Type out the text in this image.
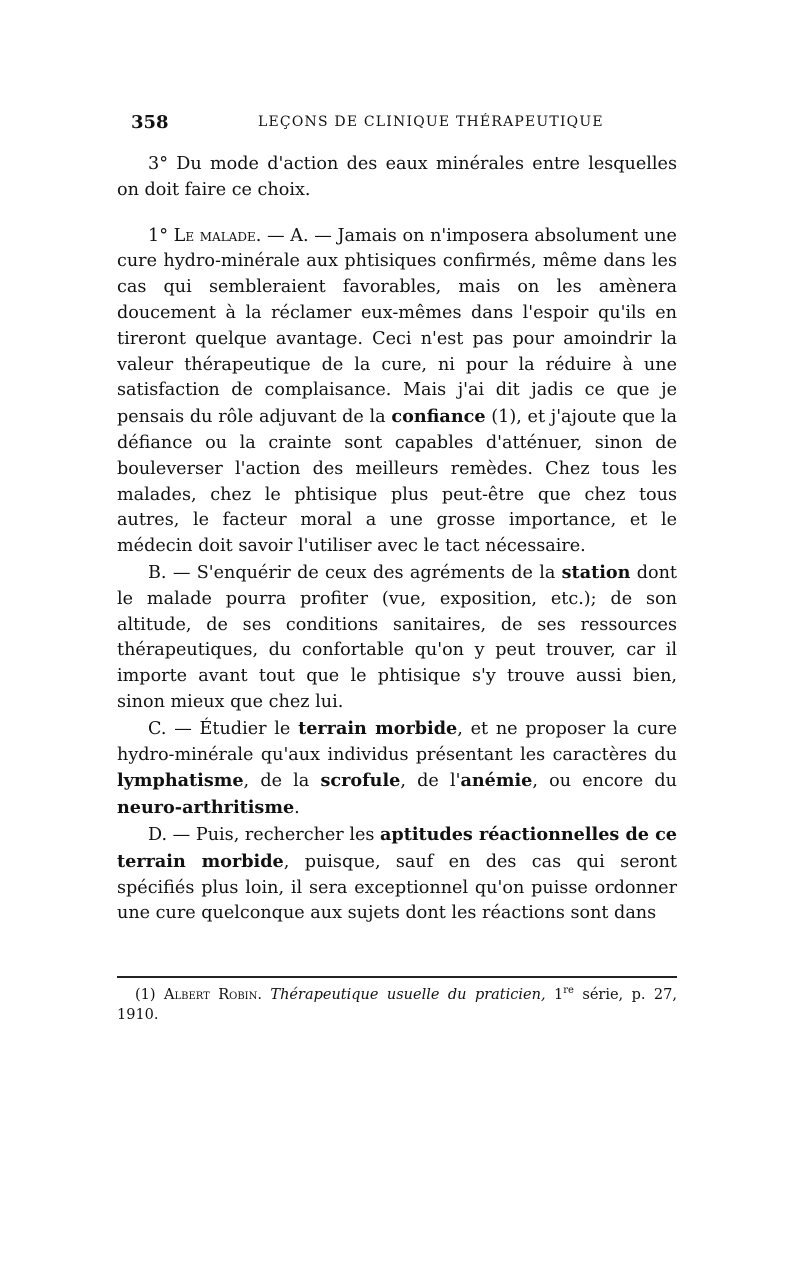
358	LEÇONS DE CLINIQUE THÉRAPEUTIQUE

3° Du mode d'action des eaux minérales entre lesquelles on doit faire ce choix.

1° Le malade. — A. — Jamais on n'imposera absolument une cure hydro-minérale aux phtisiques confirmés, même dans les cas qui sembleraient favorables, mais on les amènera doucement à la réclamer eux-mêmes dans l'espoir qu'ils en tireront quelque avantage. Ceci n'est pas pour amoindrir la valeur thérapeutique de la cure, ni pour la réduire à une satisfaction de complaisance. Mais j'ai dit jadis ce que je pensais du rôle adjuvant de la confiance (1), et j'ajoute que la défiance ou la crainte sont capables d'atténuer, sinon de bouleverser l'action des meilleurs remèdes. Chez tous les malades, chez le phtisique plus peut-être que chez tous autres, le facteur moral a une grosse importance, et le médecin doit savoir l'utiliser avec le tact nécessaire.

B. — S'enquérir de ceux des agréments de la station dont le malade pourra profiter (vue, exposition, etc.); de son altitude, de ses conditions sanitaires, de ses ressources thérapeutiques, du confortable qu'on y peut trouver, car il importe avant tout que le phtisique s'y trouve aussi bien, sinon mieux que chez lui.

C. — Étudier le terrain morbide, et ne proposer la cure hydro-minérale qu'aux individus présentant les caractères du lymphatisme, de la scrofule, de l'anémie, ou encore du neuro-arthritisme.

D. — Puis, rechercher les aptitudes réactionnelles de ce terrain morbide, puisque, sauf en des cas qui seront spécifiés plus loin, il sera exceptionnel qu'on puisse ordonner une cure quelconque aux sujets dont les réactions sont dans

(1) Albert Robin. Thérapeutique usuelle du praticien, 1re série, p. 27, 1910.
